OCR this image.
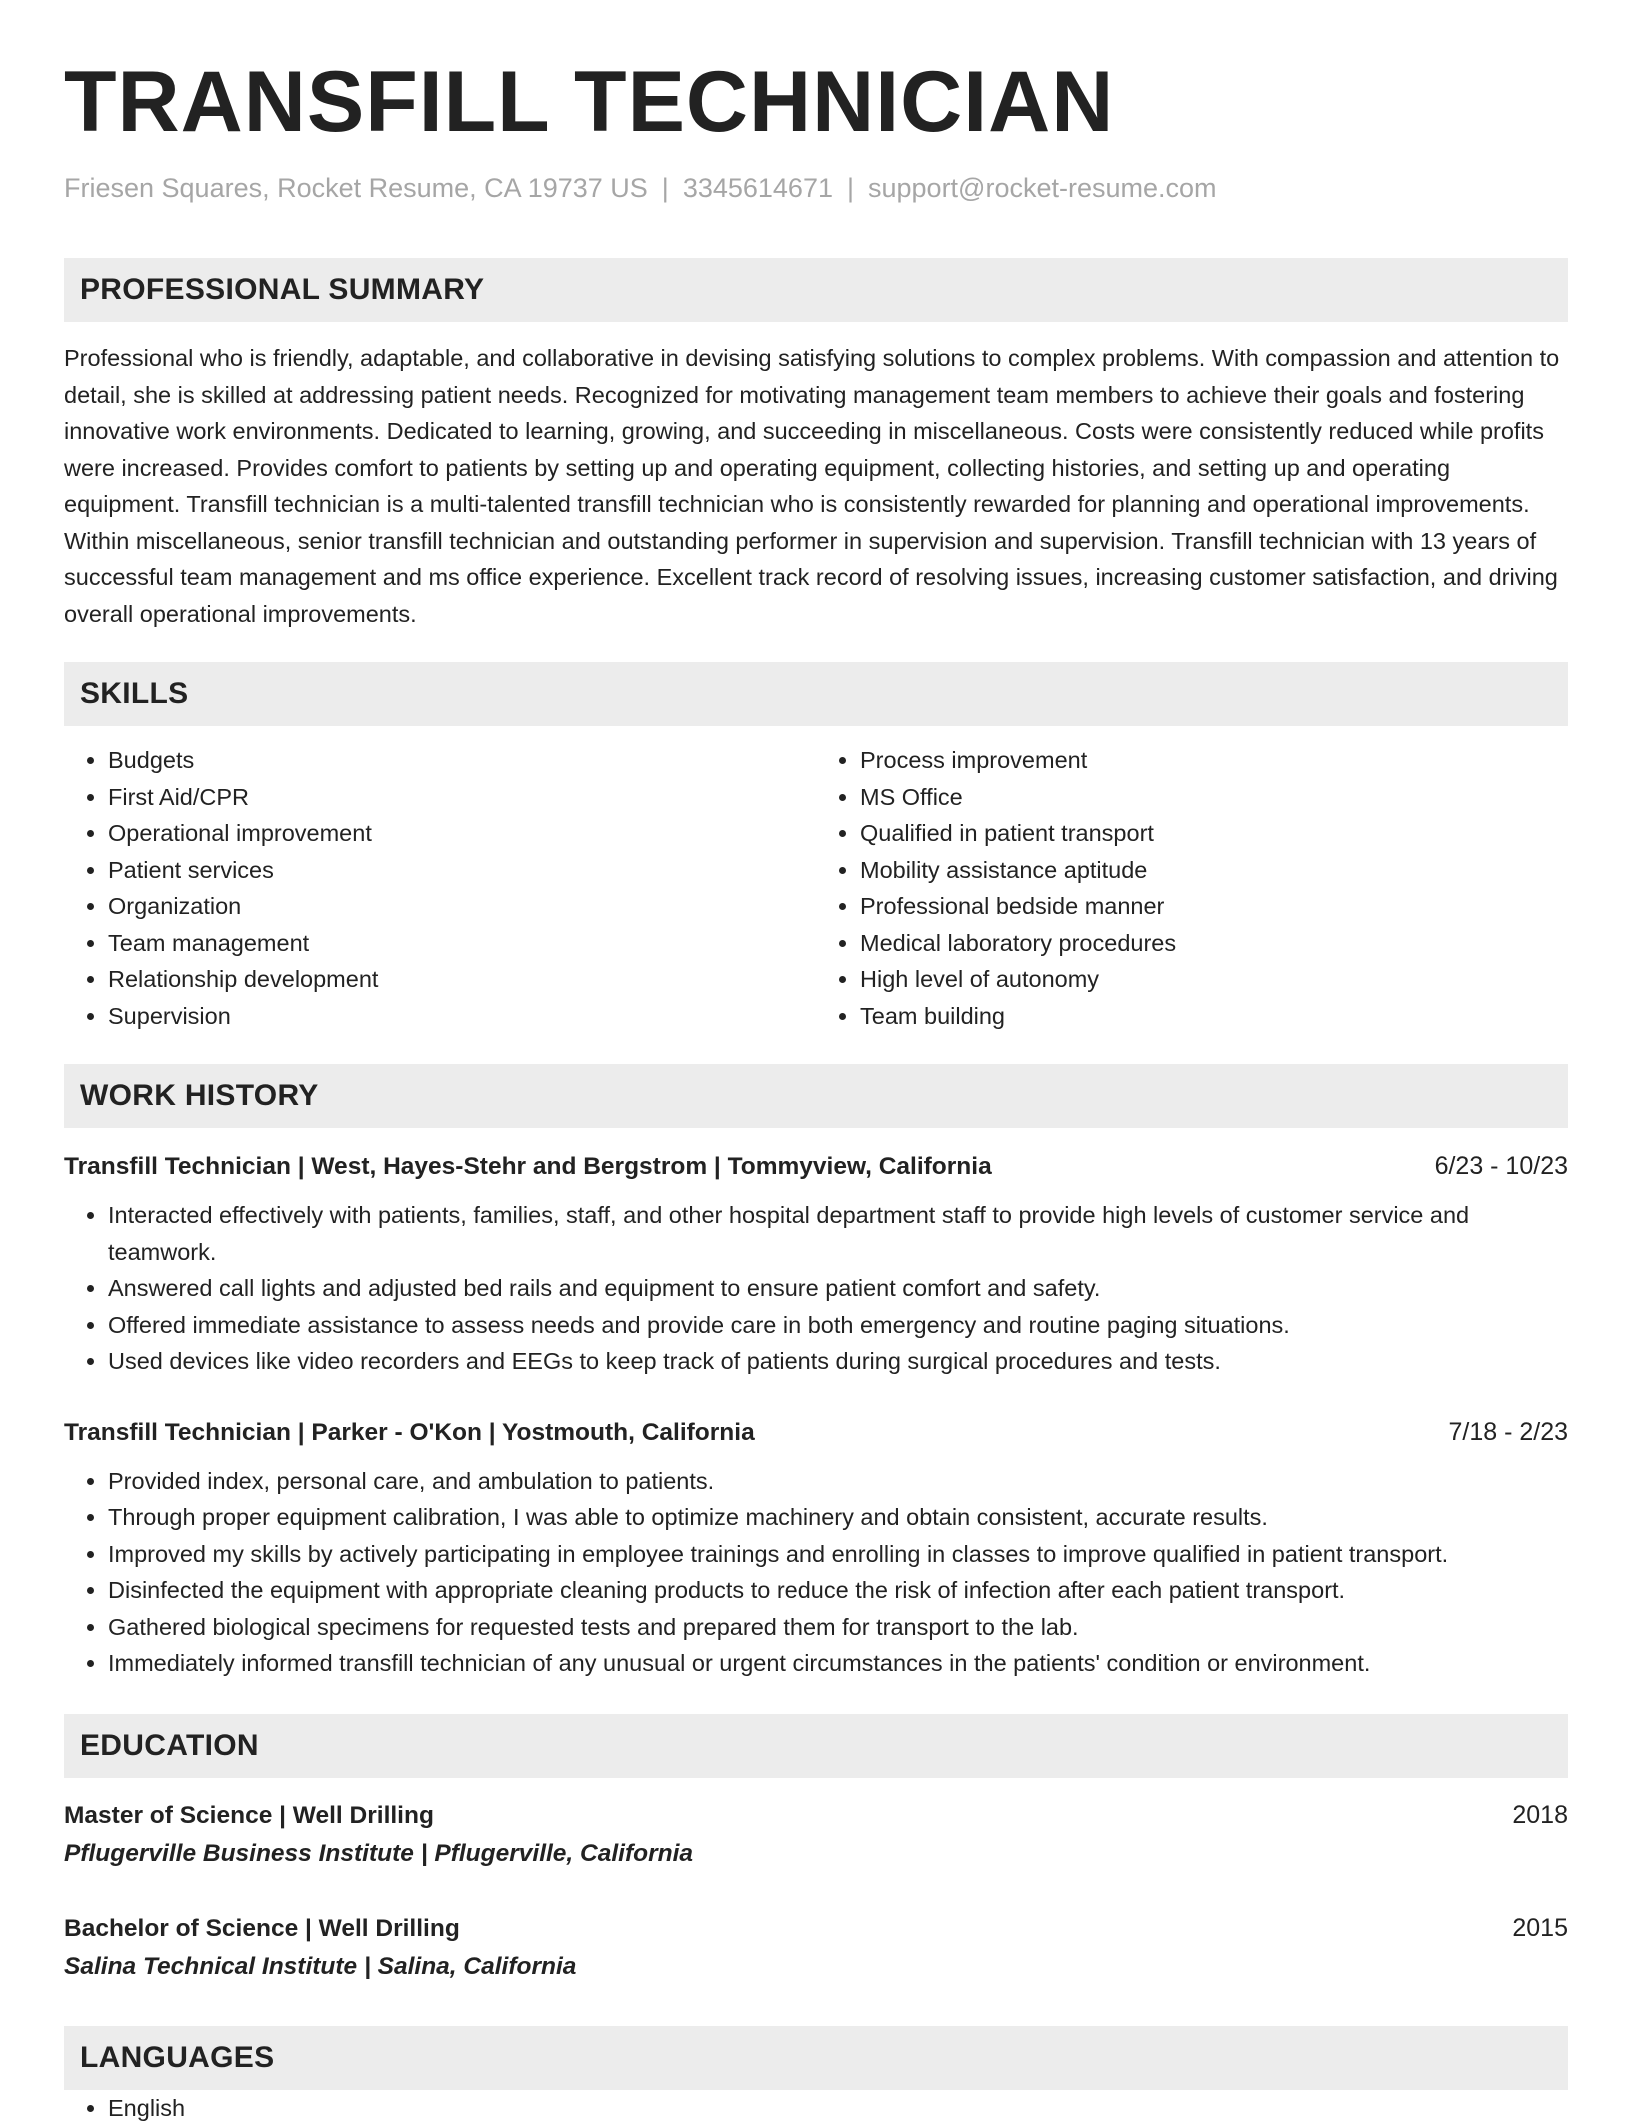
TRANSFILL TECHNICIAN
Friesen Squares, Rocket Resume, CA 19737 US | 3345614671 | support@rocket-resume.com
PROFESSIONAL SUMMARY

Professional who is friendly, adaptable, and collaborative in devising satisfying solutions to complex problems. With compassion and attention to detail, she is skilled at addressing patient needs. Recognized for motivating management team members to achieve their goals and fostering innovative work environments. Dedicated to learning, growing, and succeeding in miscellaneous. Costs were consistently reduced while profits were increased. Provides comfort to patients by setting up and operating equipment, collecting histories, and setting up and operating equipment. Transfill technician is a multi-talented transfill technician who is consistently rewarded for planning and operational improvements. Within miscellaneous, senior transfill technician and outstanding performer in supervision and supervision. Transfill technician with 13 years of successful team management and ms office experience. Excellent track record of resolving issues, increasing customer satisfaction, and driving overall operational improvements.

SKILLS
• Budgets
• First Aid/CPR
• Operational improvement
• Patient services
• Organization
• Team management
• Relationship development
• Supervision
• Process improvement
• MS Office
• Qualified in patient transport
• Mobility assistance aptitude
• Professional bedside manner
• Medical laboratory procedures
• High level of autonomy
• Team building
WORK HISTORY
Transfill Technician | West, Hayes-Stehr and Bergstrom | Tommyview, California	6/23 - 10/23
• Interacted effectively with patients, families, staff, and other hospital department staff to provide high levels of customer service and teamwork.
• Answered call lights and adjusted bed rails and equipment to ensure patient comfort and safety.
• Offered immediate assistance to assess needs and provide care in both emergency and routine paging situations.
• Used devices like video recorders and EEGs to keep track of patients during surgical procedures and tests.
Transfill Technician | Parker - O'Kon | Yostmouth, California	7/18 - 2/23
• Provided index, personal care, and ambulation to patients.
• Through proper equipment calibration, I was able to optimize machinery and obtain consistent, accurate results.
• Improved my skills by actively participating in employee trainings and enrolling in classes to improve qualified in patient transport.
• Disinfected the equipment with appropriate cleaning products to reduce the risk of infection after each patient transport.
• Gathered biological specimens for requested tests and prepared them for transport to the lab.
• Immediately informed transfill technician of any unusual or urgent circumstances in the patients' condition or environment.
EDUCATION
Master of Science | Well Drilling	2018
Pflugerville Business Institute | Pflugerville, California
Bachelor of Science | Well Drilling	2015
Salina Technical Institute | Salina, California
LANGUAGES
• English
